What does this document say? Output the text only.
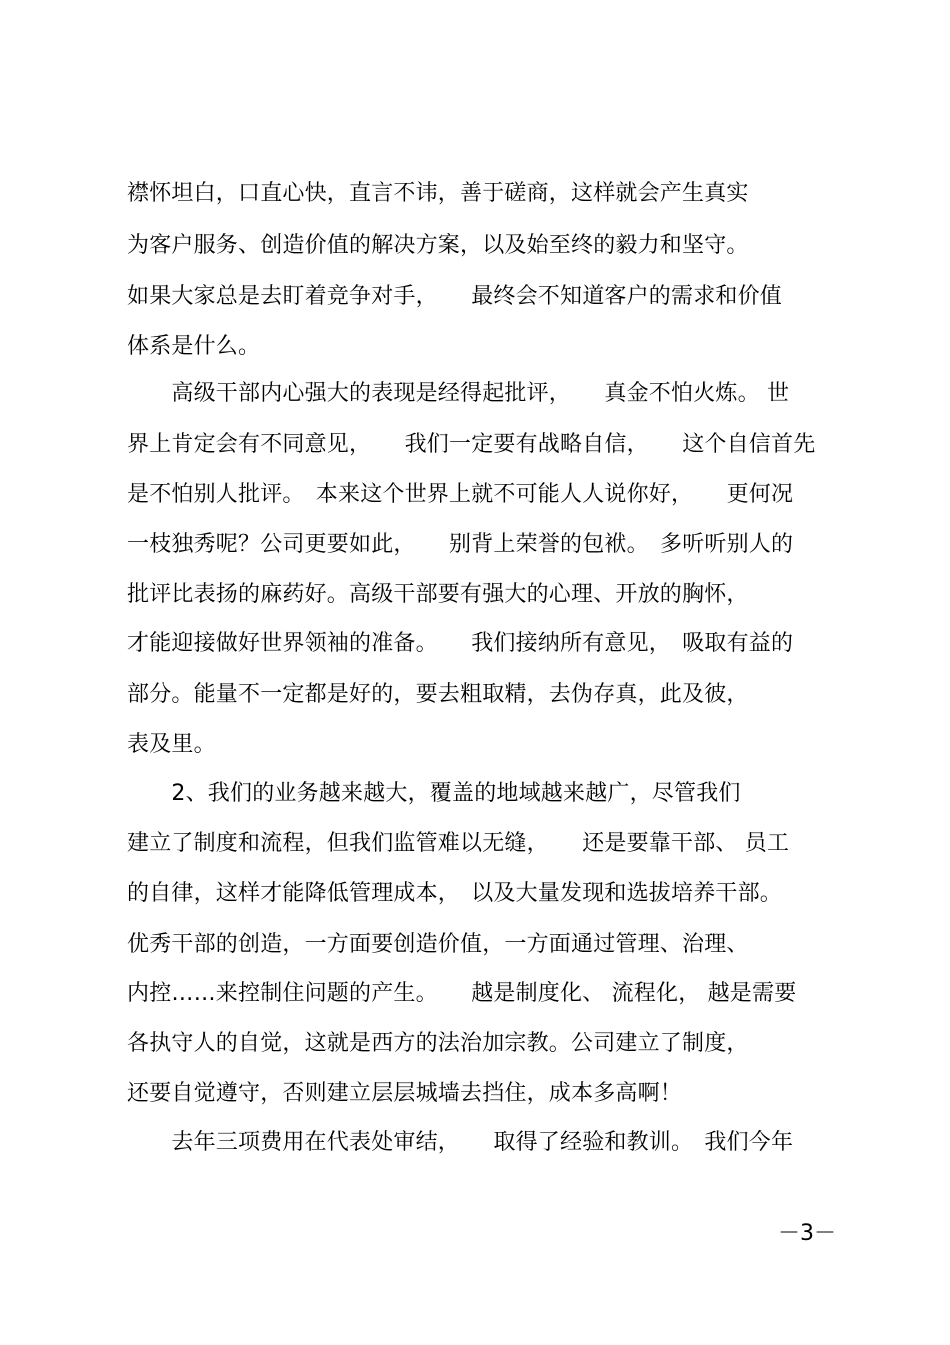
襟怀坦白，口直心快，直言不讳，善于磋商，这样就会产生真实
为客户服务、创造价值的解决方案，以及始至终的毅力和坚守。
如果大家总是去盯着竞争对手，　　最终会不知道客户的需求和价值
体系是什么。
　　高级干部内心强大的表现是经得起批评，　　真金不怕火炼。 世
界上肯定会有不同意见，　　我们一定要有战略自信，　　这个自信首先
是不怕别人批评。　本来这个世界上就不可能人人说你好，　　更何况
一枝独秀呢？公司更要如此，　　别背上荣誉的包袱。　多听听别人的
批评比表扬的麻药好。高级干部要有强大的心理、开放的胸怀，
才能迎接做好世界领袖的准备。　　我们接纳所有意见，　吸取有益的
部分。能量不一定都是好的，要去粗取精，去伪存真，此及彼，
表及里。
　　2、我们的业务越来越大，覆盖的地域越来越广，尽管我们
建立了制度和流程，但我们监管难以无缝，　　还是要靠干部、 员工
的自律，这样才能降低管理成本，　以及大量发现和选拔培养干部。
优秀干部的创造，一方面要创造价值，一方面通过管理、治理、
内控……来控制住问题的产生。　　越是制度化、 流程化， 越是需要
各执守人的自觉，这就是西方的法治加宗教。公司建立了制度，
还要自觉遵守，否则建立层层城墙去挡住，成本多高啊！
　　去年三项费用在代表处审结，　　取得了经验和教训。　我们今年
－3－
